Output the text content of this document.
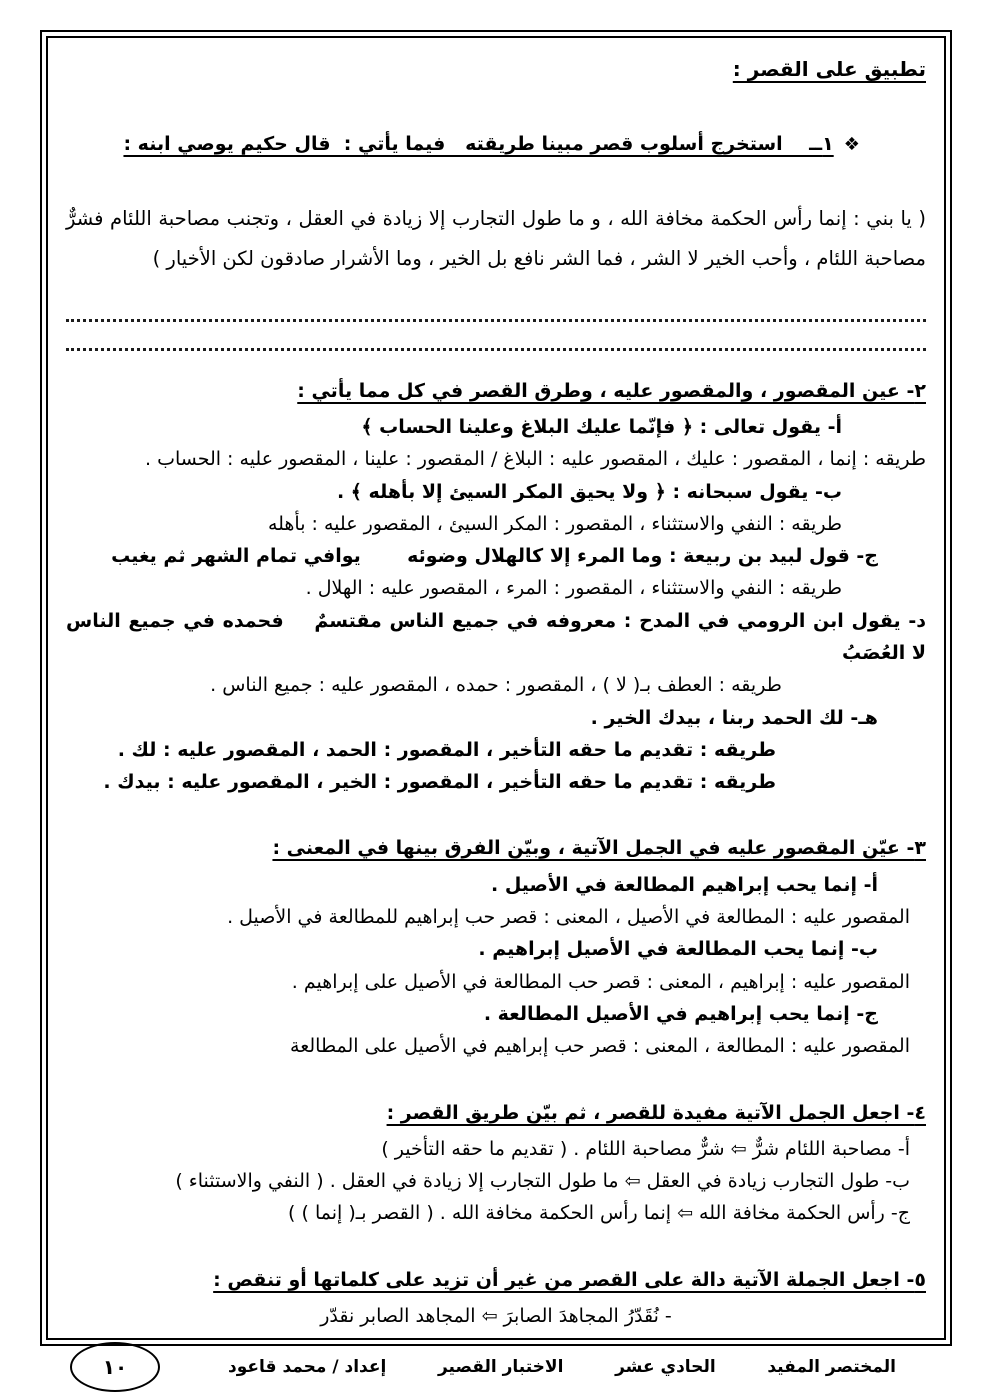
تطبيق على القصر :

❖١ــ    استخرج أسلوب قصر مبينا طريقته   فيما يأتي :  قال حكيم يوصي ابنه :

( يا بني : إنما رأس الحكمة مخافة الله ، و ما طول التجارب إلا زيادة في العقل ، وتجنب مصاحبة اللئام فشرٌّ مصاحبة اللئام ، وأحب الخير لا الشر ، فما الشر نافع بل الخير ، وما الأشرار صادقون لكن الأخيار )

٢- عين المقصور ، والمقصور عليه ، وطرق القصر في كل مما يأتي :
أ- يقول تعالى : ﴿ فإنّما عليك البلاغ وعلينا الحساب ﴾
طريقه : إنما ، المقصور : عليك ، المقصور عليه : البلاغ / المقصور : علينا ، المقصور عليه : الحساب .
ب- يقول سبحانه : ﴿ ولا يحيق المكر السيئ إلا بأهله ﴾ .
طريقه : النفي والاستثناء ، المقصور : المكر السيئ ، المقصور عليه : بأهله
ج- قول لبيد بن ربيعة : وما المرء إلا كالهلال وضوئه       يوافي تمام الشهر ثم يغيب
طريقه : النفي والاستثناء ، المقصور : المرء ، المقصور عليه : الهلال .
د- يقول ابن الرومي في المدح : معروفه في جميع الناس مقتسمٌ    فحمده في جميع الناس لا العُصَبُ
طريقه : العطف بـ( لا ) ، المقصور : حمده ، المقصور عليه : جميع الناس .
هـ- لك الحمد ربنا ، بيدك الخير .
طريقه : تقديم ما حقه التأخير ، المقصور : الحمد ، المقصور عليه : لك .
طريقه : تقديم ما حقه التأخير ، المقصور : الخير ، المقصور عليه : بيدك .
٣- عيّن المقصور عليه في الجمل الآتية ، وبيّن الفرق بينها في المعنى :
أ- إنما يحب إبراهيم المطالعة في الأصيل .
المقصور عليه : المطالعة في الأصيل ، المعنى : قصر حب إبراهيم للمطالعة في الأصيل .
ب- إنما يحب المطالعة في الأصيل إبراهيم .
المقصور عليه : إبراهيم ، المعنى : قصر حب المطالعة في الأصيل على إبراهيم .
ج- إنما يحب إبراهيم في الأصيل المطالعة .
المقصور عليه : المطالعة ، المعنى : قصر حب إبراهيم في الأصيل على المطالعة
٤- اجعل الجمل الآتية مفيدة للقصر ، ثم بيّن طريق القصر :
أ- مصاحبة اللئام شرٌّ ⇦ شرٌّ مصاحبة اللئام . ( تقديم ما حقه التأخير )
ب- طول التجارب زيادة في العقل ⇦ ما طول التجارب إلا زيادة في العقل . ( النفي والاستثناء )
ج- رأس الحكمة مخافة الله ⇦ إنما رأس الحكمة مخافة الله . ( القصر بـ( إنما ) )
٥- اجعل الجملة الآتية دالة على القصر من غير أن تزيد على كلماتها أو تنقص :
- نُقَدّرُ المجاهدَ الصابرَ ⇦ المجاهد الصابر نقدّر
المختصر المفيد
الحادي عشر
الاختبار القصير
إعداد / محمد قاعود
١٠
